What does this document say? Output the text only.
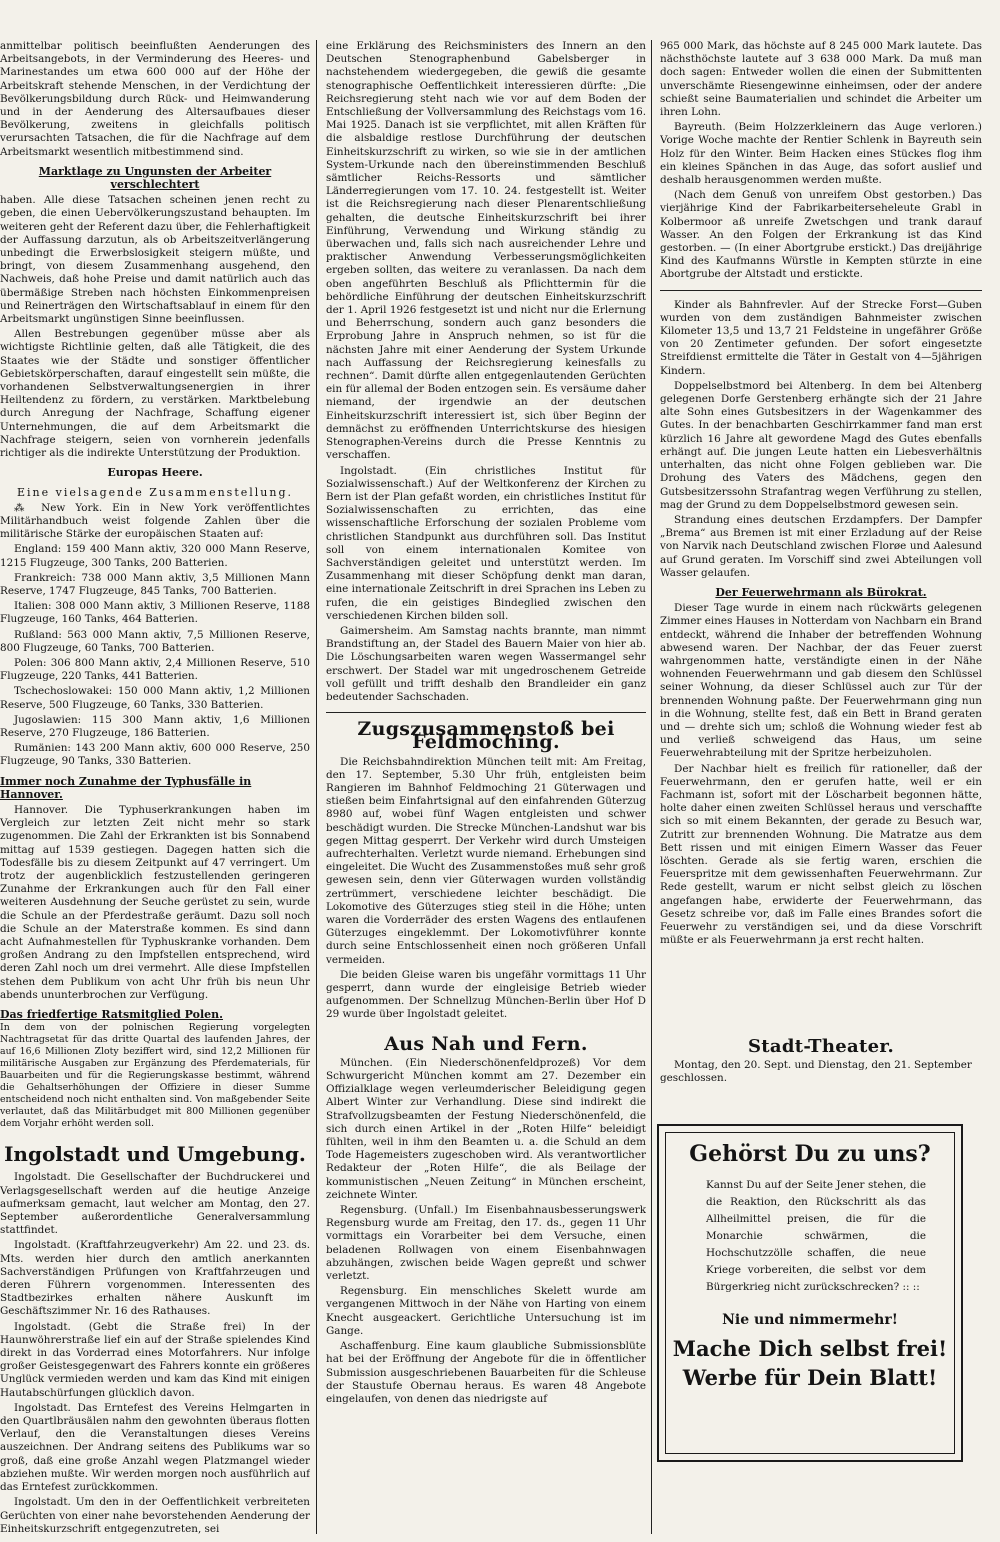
anmittelbar politisch beeinflußten Aenderungen des Arbeitsangebots, in der Verminderung des Heeres- und Marinestandes um etwa 600 000 auf der Höhe der Arbeitskraft stehende Menschen, in der Verdichtung der Bevölkerungsbildung durch Rück- und Heimwanderung und in der Aenderung des Altersaufbaues dieser Bevölkerung, zweitens in gleichfalls politisch verursachten Tatsachen, die für die Nachfrage auf dem Arbeitsmarkt wesentlich mitbestimmend sind.

Marktlage zu Ungunsten der Arbeiter verschlechtert

haben. Alle diese Tatsachen scheinen jenen recht zu geben, die einen Uebervölkerungszustand behaupten. Im weiteren geht der Referent dazu über, die Fehlerhaftigkeit der Auffassung darzutun, als ob Arbeitszeitverlängerung unbedingt die Erwerbslosigkeit steigern müßte, und bringt, von diesem Zusammenhang ausgehend, den Nachweis, daß hohe Preise und damit natürlich auch das übermäßige Streben nach höchsten Einkommenpreisen und Reinerträgen den Wirtschaftsablauf in einem für den Arbeitsmarkt ungünstigen Sinne beeinflussen.

Allen Bestrebungen gegenüber müsse aber als wichtigste Richtlinie gelten, daß alle Tätigkeit, die des Staates wie der Städte und sonstiger öffentlicher Gebietskörperschaften, darauf eingestellt sein müßte, die vorhandenen Selbstverwaltungsenergien in ihrer Heiltendenz zu fördern, zu verstärken. Marktbelebung durch Anregung der Nachfrage, Schaffung eigener Unternehmungen, die auf dem Arbeitsmarkt die Nachfrage steigern, seien von vornherein jedenfalls richtiger als die indirekte Unterstützung der Produktion.

Europas Heere.
Eine vielsagende Zusammenstellung.

⁂ New York. Ein in New York veröffentlichtes Militärhandbuch weist folgende Zahlen über die militärische Stärke der europäischen Staaten auf:

England: 159 400 Mann aktiv, 320 000 Mann Reserve, 1215 Flugzeuge, 300 Tanks, 200 Batterien.

Frankreich: 738 000 Mann aktiv, 3,5 Millionen Mann Reserve, 1747 Flugzeuge, 845 Tanks, 700 Batterien.

Italien: 308 000 Mann aktiv, 3 Millionen Reserve, 1188 Flugzeuge, 160 Tanks, 464 Batterien.

Rußland: 563 000 Mann aktiv, 7,5 Millionen Reserve, 800 Flugzeuge, 60 Tanks, 700 Batterien.

Polen: 306 800 Mann aktiv, 2,4 Millionen Reserve, 510 Flugzeuge, 220 Tanks, 441 Batterien.

Tschechoslowakei: 150 000 Mann aktiv, 1,2 Millionen Reserve, 500 Flugzeuge, 60 Tanks, 330 Batterien.

Jugoslawien: 115 300 Mann aktiv, 1,6 Millionen Reserve, 270 Flugzeuge, 186 Batterien.

Rumänien: 143 200 Mann aktiv, 600 000 Reserve, 250 Flugzeuge, 90 Tanks, 330 Batterien.

Immer noch Zunahme der Typhusfälle in Hannover.

Hannover. Die Typhuserkrankungen haben im Vergleich zur letzten Zeit nicht mehr so stark zugenommen. Die Zahl der Erkrankten ist bis Sonnabend mittag auf 1539 gestiegen. Dagegen hatten sich die Todesfälle bis zu diesem Zeitpunkt auf 47 verringert. Um trotz der augenblicklich festzustellenden geringeren Zunahme der Erkrankungen auch für den Fall einer weiteren Ausdehnung der Seuche gerüstet zu sein, wurde die Schule an der Pferdestraße geräumt. Dazu soll noch die Schule an der Materstraße kommen. Es sind dann acht Aufnahmestellen für Typhuskranke vorhanden. Dem großen Andrang zu den Impfstellen entsprechend, wird deren Zahl noch um drei vermehrt. Alle diese Impfstellen stehen dem Publikum von acht Uhr früh bis neun Uhr abends ununterbrochen zur Verfügung.

Das friedfertige Ratsmitglied Polen.

In dem von der polnischen Regierung vorgelegten Nachtragsetat für das dritte Quartal des laufenden Jahres, der auf 16,6 Millionen Zloty beziffert wird, sind 12,2 Millionen für militärische Ausgaben zur Ergänzung des Pferdematerials, für Bauarbeiten und für die Regierungskasse bestimmt, während die Gehaltserhöhungen der Offiziere in dieser Summe entscheidend noch nicht enthalten sind. Von maßgebender Seite verlautet, daß das Militärbudget mit 800 Millionen gegenüber dem Vorjahr erhöht werden soll.

Ingolstadt und Umgebung.

Ingolstadt. Die Gesellschafter der Buchdruckerei und Verlagsgesellschaft werden auf die heutige Anzeige aufmerksam gemacht, laut welcher am Montag, den 27. September außerordentliche Generalversammlung stattfindet.

Ingolstadt. (Kraftfahrzeugverkehr) Am 22. und 23. ds. Mts. werden hier durch den amtlich anerkannten Sachverständigen Prüfungen von Kraftfahrzeugen und deren Führern vorgenommen. Interessenten des Stadtbezirkes erhalten nähere Auskunft im Geschäftszimmer Nr. 16 des Rathauses.

Ingolstadt. (Gebt die Straße frei) In der Haunwöhrerstraße lief ein auf der Straße spielendes Kind direkt in das Vorderrad eines Motorfahrers. Nur infolge großer Geistesgegenwart des Fahrers konnte ein größeres Unglück vermieden werden und kam das Kind mit einigen Hautabschürfungen glücklich davon.

Ingolstadt. Das Erntefest des Vereins Helmgarten in den Quartlbräusälen nahm den gewohnten überaus flotten Verlauf, den die Veranstaltungen dieses Vereins auszeichnen. Der Andrang seitens des Publikums war so groß, daß eine große Anzahl wegen Platzmangel wieder abziehen mußte. Wir werden morgen noch ausführlich auf das Erntefest zurückkommen.

Ingolstadt. Um den in der Oeffentlichkeit verbreiteten Gerüchten von einer nahe bevorstehenden Aenderung der Einheitskurzschrift entgegenzutreten, sei

eine Erklärung des Reichsministers des Innern an den Deutschen Stenographenbund Gabelsberger in nachstehendem wiedergegeben, die gewiß die gesamte stenographische Oeffentlichkeit interessieren dürfte: „Die Reichsregierung steht nach wie vor auf dem Boden der Entschließung der Vollversammlung des Reichstags vom 16. Mai 1925. Danach ist sie verpflichtet, mit allen Kräften für die alsbaldige restlose Durchführung der deutschen Einheitskurzschrift zu wirken, so wie sie in der amtlichen System-Urkunde nach den übereinstimmenden Beschluß sämtlicher Reichs-Ressorts und sämtlicher Länderregierungen vom 17. 10. 24. festgestellt ist. Weiter ist die Reichsregierung nach dieser Plenarentschließung gehalten, die deutsche Einheitskurzschrift bei ihrer Einführung, Verwendung und Wirkung ständig zu überwachen und, falls sich nach ausreichender Lehre und praktischer Anwendung Verbesserungsmöglichkeiten ergeben sollten, das weitere zu veranlassen. Da nach dem oben angeführten Beschluß als Pflichttermin für die behördliche Einführung der deutschen Einheitskurzschrift der 1. April 1926 festgesetzt ist und nicht nur die Erlernung und Beherrschung, sondern auch ganz besonders die Erprobung Jahre in Anspruch nehmen, so ist für die nächsten Jahre mit einer Aenderung der System Urkunde nach Auffassung der Reichsregierung keinesfalls zu rechnen“. Damit dürfte allen entgegenlautenden Gerüchten ein für allemal der Boden entzogen sein. Es versäume daher niemand, der irgendwie an der deutschen Einheitskurzschrift interessiert ist, sich über Beginn der demnächst zu eröffnenden Unterrichtskurse des hiesigen Stenographen-Vereins durch die Presse Kenntnis zu verschaffen.

Ingolstadt. (Ein christliches Institut für Sozialwissenschaft.) Auf der Weltkonferenz der Kirchen zu Bern ist der Plan gefaßt worden, ein christliches Institut für Sozialwissenschaften zu errichten, das eine wissenschaftliche Erforschung der sozialen Probleme vom christlichen Standpunkt aus durchführen soll. Das Institut soll von einem internationalen Komitee von Sachverständigen geleitet und unterstützt werden. Im Zusammenhang mit dieser Schöpfung denkt man daran, eine internationale Zeitschrift in drei Sprachen ins Leben zu rufen, die ein geistiges Bindeglied zwischen den verschiedenen Kirchen bilden soll.

Gaimersheim. Am Samstag nachts brannte, man nimmt Brandstiftung an, der Stadel des Bauern Maier von hier ab. Die Löschungsarbeiten waren wegen Wassermangel sehr erschwert. Der Stadel war mit ungedroschenem Getreide voll gefüllt und trifft deshalb den Brandleider ein ganz bedeutender Sachschaden.

Zugszusammenstoß bei Feldmoching.

Die Reichsbahndirektion München teilt mit: Am Freitag, den 17. September, 5.30 Uhr früh, entgleisten beim Rangieren im Bahnhof Feldmoching 21 Güterwagen und stießen beim Einfahrtsignal auf den einfahrenden Güterzug 8980 auf, wobei fünf Wagen entgleisten und schwer beschädigt wurden. Die Strecke München-Landshut war bis gegen Mittag gesperrt. Der Verkehr wird durch Umsteigen aufrechterhalten. Verletzt wurde niemand. Erhebungen sind eingeleitet. Die Wucht des Zusammenstoßes muß sehr groß gewesen sein, denn vier Güterwagen wurden vollständig zertrümmert, verschiedene leichter beschädigt. Die Lokomotive des Güterzuges stieg steil in die Höhe; unten waren die Vorderräder des ersten Wagens des entlaufenen Güterzuges eingeklemmt. Der Lokomotivführer konnte durch seine Entschlossenheit einen noch größeren Unfall vermeiden.

Die beiden Gleise waren bis ungefähr vormittags 11 Uhr gesperrt, dann wurde der eingleisige Betrieb wieder aufgenommen. Der Schnellzug München-Berlin über Hof D 29 wurde über Ingolstadt geleitet.

Aus Nah und Fern.

München. (Ein Niederschönenfeldprozeß) Vor dem Schwurgericht München kommt am 27. Dezember ein Offizialklage wegen verleumderischer Beleidigung gegen Albert Winter zur Verhandlung. Diese sind indirekt die Strafvollzugsbeamten der Festung Niederschönenfeld, die sich durch einen Artikel in der „Roten Hilfe“ beleidigt fühlten, weil in ihm den Beamten u. a. die Schuld an dem Tode Hagemeisters zugeschoben wird. Als verantwortlicher Redakteur der „Roten Hilfe“, die als Beilage der kommunistischen „Neuen Zeitung“ in München erscheint, zeichnete Winter.

Regensburg. (Unfall.) Im Eisenbahnausbesserungswerk Regensburg wurde am Freitag, den 17. ds., gegen 11 Uhr vormittags ein Vorarbeiter bei dem Versuche, einen beladenen Rollwagen von einem Eisenbahnwagen abzuhängen, zwischen beide Wagen gepreßt und schwer verletzt.

Regensburg. Ein menschliches Skelett wurde am vergangenen Mittwoch in der Nähe von Harting von einem Knecht ausgeackert. Gerichtliche Untersuchung ist im Gange.

Aschaffenburg. Eine kaum glaubliche Submissionsblüte hat bei der Eröffnung der Angebote für die in öffentlicher Submission ausgeschriebenen Bauarbeiten für die Schleuse der Staustufe Obernau heraus. Es waren 48 Angebote eingelaufen, von denen das niedrigste auf

965 000 Mark, das höchste auf 8 245 000 Mark lautete. Das nächsthöchste lautete auf 3 638 000 Mark. Da muß man doch sagen: Entweder wollen die einen der Submittenten unverschämte Riesengewinne einheimsen, oder der andere schießt seine Baumaterialien und schindet die Arbeiter um ihren Lohn.

Bayreuth. (Beim Holzzerkleinern das Auge verloren.) Vorige Woche machte der Rentier Schlenk in Bayreuth sein Holz für den Winter. Beim Hacken eines Stückes flog ihm ein kleines Spänchen in das Auge, das sofort auslief und deshalb herausgenommen werden mußte.

(Nach dem Genuß von unreifem Obst gestorben.) Das vierjährige Kind der Fabrikarbeiterseheleute Grabl in Kolbermoor aß unreife Zwetschgen und trank darauf Wasser. An den Folgen der Erkrankung ist das Kind gestorben. — (In einer Abortgrube erstickt.) Das dreijährige Kind des Kaufmanns Würstle in Kempten stürzte in eine Abortgrube der Altstadt und erstickte.

Kinder als Bahnfrevler. Auf der Strecke Forst—Guben wurden von dem zuständigen Bahnmeister zwischen Kilometer 13,5 und 13,7 21 Feldsteine in ungefährer Größe von 20 Zentimeter gefunden. Der sofort eingesetzte Streifdienst ermittelte die Täter in Gestalt von 4—5jährigen Kindern.

Doppelselbstmord bei Altenberg. In dem bei Altenberg gelegenen Dorfe Gerstenberg erhängte sich der 21 Jahre alte Sohn eines Gutsbesitzers in der Wagenkammer des Gutes. In der benachbarten Geschirrkammer fand man erst kürzlich 16 Jahre alt gewordene Magd des Gutes ebenfalls erhängt auf. Die jungen Leute hatten ein Liebesverhältnis unterhalten, das nicht ohne Folgen geblieben war. Die Drohung des Vaters des Mädchens, gegen den Gutsbesitzerssohn Strafantrag wegen Verführung zu stellen, mag der Grund zu dem Doppelselbstmord gewesen sein.

Strandung eines deutschen Erzdampfers. Der Dampfer „Brema“ aus Bremen ist mit einer Erzladung auf der Reise von Narvik nach Deutschland zwischen Florøe und Aalesund auf Grund geraten. Im Vorschiff sind zwei Abteilungen voll Wasser gelaufen.

Der Feuerwehrmann als Bürokrat.

Dieser Tage wurde in einem nach rückwärts gelegenen Zimmer eines Hauses in Notterdam von Nachbarn ein Brand entdeckt, während die Inhaber der betreffenden Wohnung abwesend waren. Der Nachbar, der das Feuer zuerst wahrgenommen hatte, verständigte einen in der Nähe wohnenden Feuerwehrmann und gab diesem den Schlüssel seiner Wohnung, da dieser Schlüssel auch zur Tür der brennenden Wohnung paßte. Der Feuerwehrmann ging nun in die Wohnung, stellte fest, daß ein Bett in Brand geraten und — drehte sich um; schloß die Wohnung wieder fest ab und verließ schweigend das Haus, um seine Feuerwehrabteilung mit der Spritze herbeizuholen.

Der Nachbar hielt es freilich für rationeller, daß der Feuerwehrmann, den er gerufen hatte, weil er ein Fachmann ist, sofort mit der Löscharbeit begonnen hätte, holte daher einen zweiten Schlüssel heraus und verschaffte sich so mit einem Bekannten, der gerade zu Besuch war, Zutritt zur brennenden Wohnung. Die Matratze aus dem Bett rissen und mit einigen Eimern Wasser das Feuer löschten. Gerade als sie fertig waren, erschien die Feuerspritze mit dem gewissenhaften Feuerwehrmann. Zur Rede gestellt, warum er nicht selbst gleich zu löschen angefangen habe, erwiderte der Feuerwehrmann, das Gesetz schreibe vor, daß im Falle eines Brandes sofort die Feuerwehr zu verständigen sei, und da diese Vorschrift müßte er als Feuerwehrmann ja erst recht halten.

Stadt-Theater.

Montag, den 20. Sept. und Dienstag, den 21. September geschlossen.

Gehörst Du zu uns?
Kannst Du auf der Seite Jener stehen, die die Reaktion, den Rückschritt als das Allheilmittel preisen, die für die Monarchie schwärmen, die Hochschutzzölle schaffen, die neue Kriege vorbereiten, die selbst vor dem Bürgerkrieg nicht zurückschrecken? :: ::
Nie und nimmermehr!
Mache Dich selbst frei!
Werbe für Dein Blatt!
